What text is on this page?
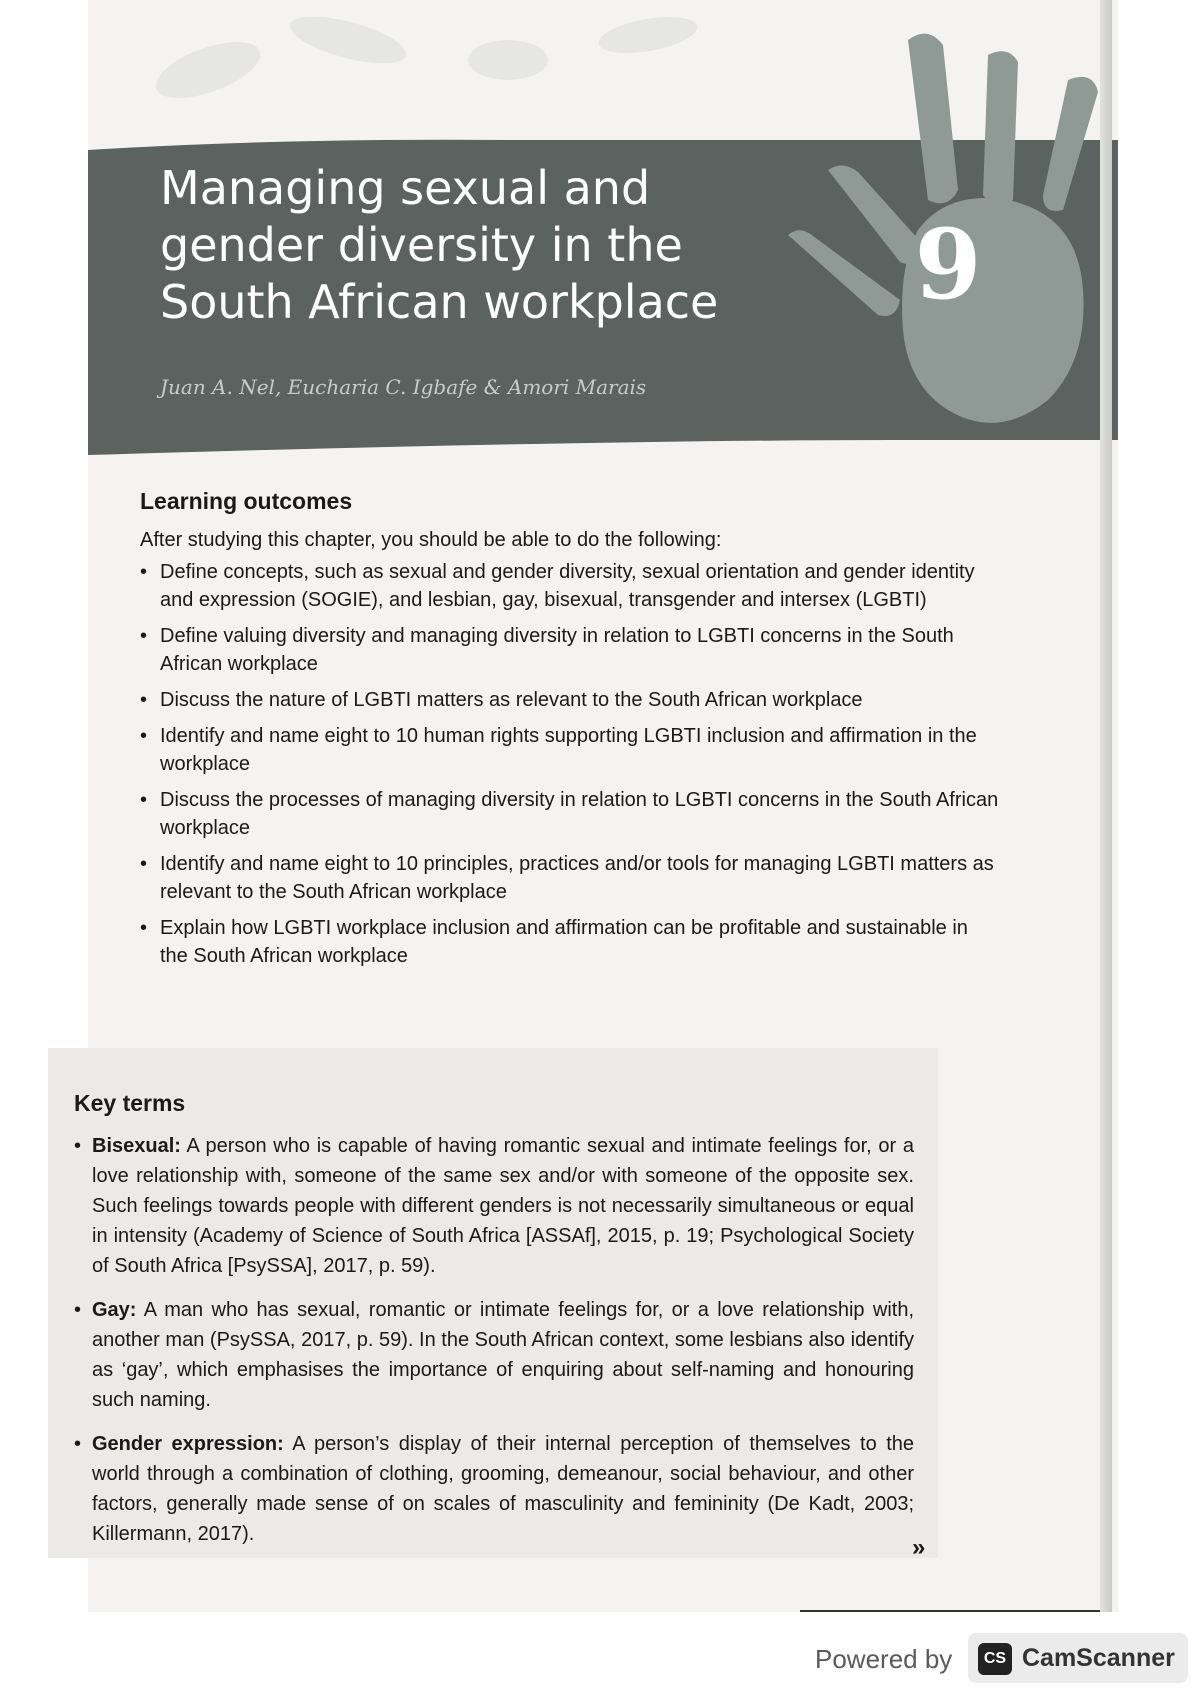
Managing sexual and
gender diversity in the
South African workplace

Juan A. Nel, Eucharia C. Igbafe & Amori Marais

9
Learning outcomes

After studying this chapter, you should be able to do the following:

• Define concepts, such as sexual and gender diversity, sexual orientation and gender identity and expression (SOGIE), and lesbian, gay, bisexual, transgender and intersex (LGBTI)
• Define valuing diversity and managing diversity in relation to LGBTI concerns in the South African workplace
• Discuss the nature of LGBTI matters as relevant to the South African workplace
• Identify and name eight to 10 human rights supporting LGBTI inclusion and affirmation in the workplace
• Discuss the processes of managing diversity in relation to LGBTI concerns in the South African workplace
• Identify and name eight to 10 principles, practices and/or tools for managing LGBTI matters as relevant to the South African workplace
• Explain how LGBTI workplace inclusion and affirmation can be profitable and sustainable in the South African workplace
Key terms
• Bisexual: A person who is capable of having romantic sexual and intimate feelings for, or a love relationship with, someone of the same sex and/or with someone of the opposite sex. Such feelings towards people with different genders is not necessarily simultaneous or equal in intensity (Academy of Science of South Africa [ASSAf], 2015, p. 19; Psychological Society of South Africa [PsySSA], 2017, p. 59).
• Gay: A man who has sexual, romantic or intimate feelings for, or a love relationship with, another man (PsySSA, 2017, p. 59). In the South African context, some lesbians also identify as ‘gay’, which emphasises the importance of enquiring about self-naming and honouring such naming.
• Gender expression: A person’s display of their internal perception of themselves to the world through a combination of clothing, grooming, demeanour, social behaviour, and other factors, generally made sense of on scales of masculinity and femininity (De Kadt, 2003; Killermann, 2017).	»

Powered by	CS CamScanner
